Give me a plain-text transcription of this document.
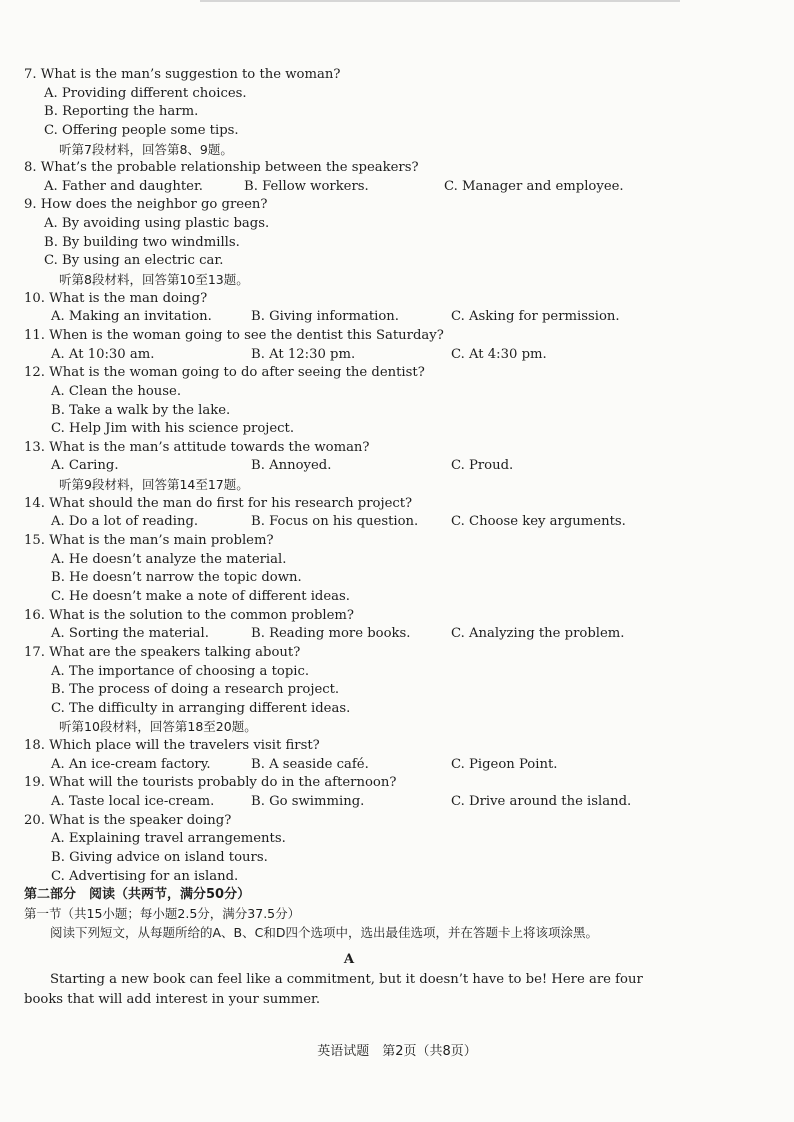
7. What is the man’s suggestion to the woman?
A. Providing different choices.
B. Reporting the harm.
C. Offering people some tips.
听第7段材料，回答第8、9题。
8. What’s the probable relationship between the speakers?
A. Father and daughter.	B. Fellow workers.	C. Manager and employee.
9. How does the neighbor go green?
A. By avoiding using plastic bags.
B. By building two windmills.
C. By using an electric car.
听第8段材料，回答第10至13题。
10. What is the man doing?
A. Making an invitation.	B. Giving information.	C. Asking for permission.
11. When is the woman going to see the dentist this Saturday?
A. At 10:30 am.	B. At 12:30 pm.	C. At 4:30 pm.
12. What is the woman going to do after seeing the dentist?
A. Clean the house.
B. Take a walk by the lake.
C. Help Jim with his science project.
13. What is the man’s attitude towards the woman?
A. Caring.	B. Annoyed.	C. Proud.
听第9段材料，回答第14至17题。
14. What should the man do first for his research project?
A. Do a lot of reading.	B. Focus on his question.	C. Choose key arguments.
15. What is the man’s main problem?
A. He doesn’t analyze the material.
B. He doesn’t narrow the topic down.
C. He doesn’t make a note of different ideas.
16. What is the solution to the common problem?
A. Sorting the material.	B. Reading more books.	C. Analyzing the problem.
17. What are the speakers talking about?
A. The importance of choosing a topic.
B. The process of doing a research project.
C. The difficulty in arranging different ideas.
听第10段材料，回答第18至20题。
18. Which place will the travelers visit first?
A. An ice-cream factory.	B. A seaside café.	C. Pigeon Point.
19. What will the tourists probably do in the afternoon?
A. Taste local ice-cream.	B. Go swimming.	C. Drive around the island.
20. What is the speaker doing?
A. Explaining travel arrangements.
B. Giving advice on island tours.
C. Advertising for an island.
第二部分　阅读（共两节，满分50分）
第一节（共15小题；每小题2.5分，满分37.5分）
阅读下列短文，从每题所给的A、B、C和D四个选项中，选出最佳选项，并在答题卡上将该项涂黑。
A
Starting a new book can feel like a commitment, but it doesn’t have to be! Here are four books that will add interest in your summer.
英语试题　第2页（共8页）
